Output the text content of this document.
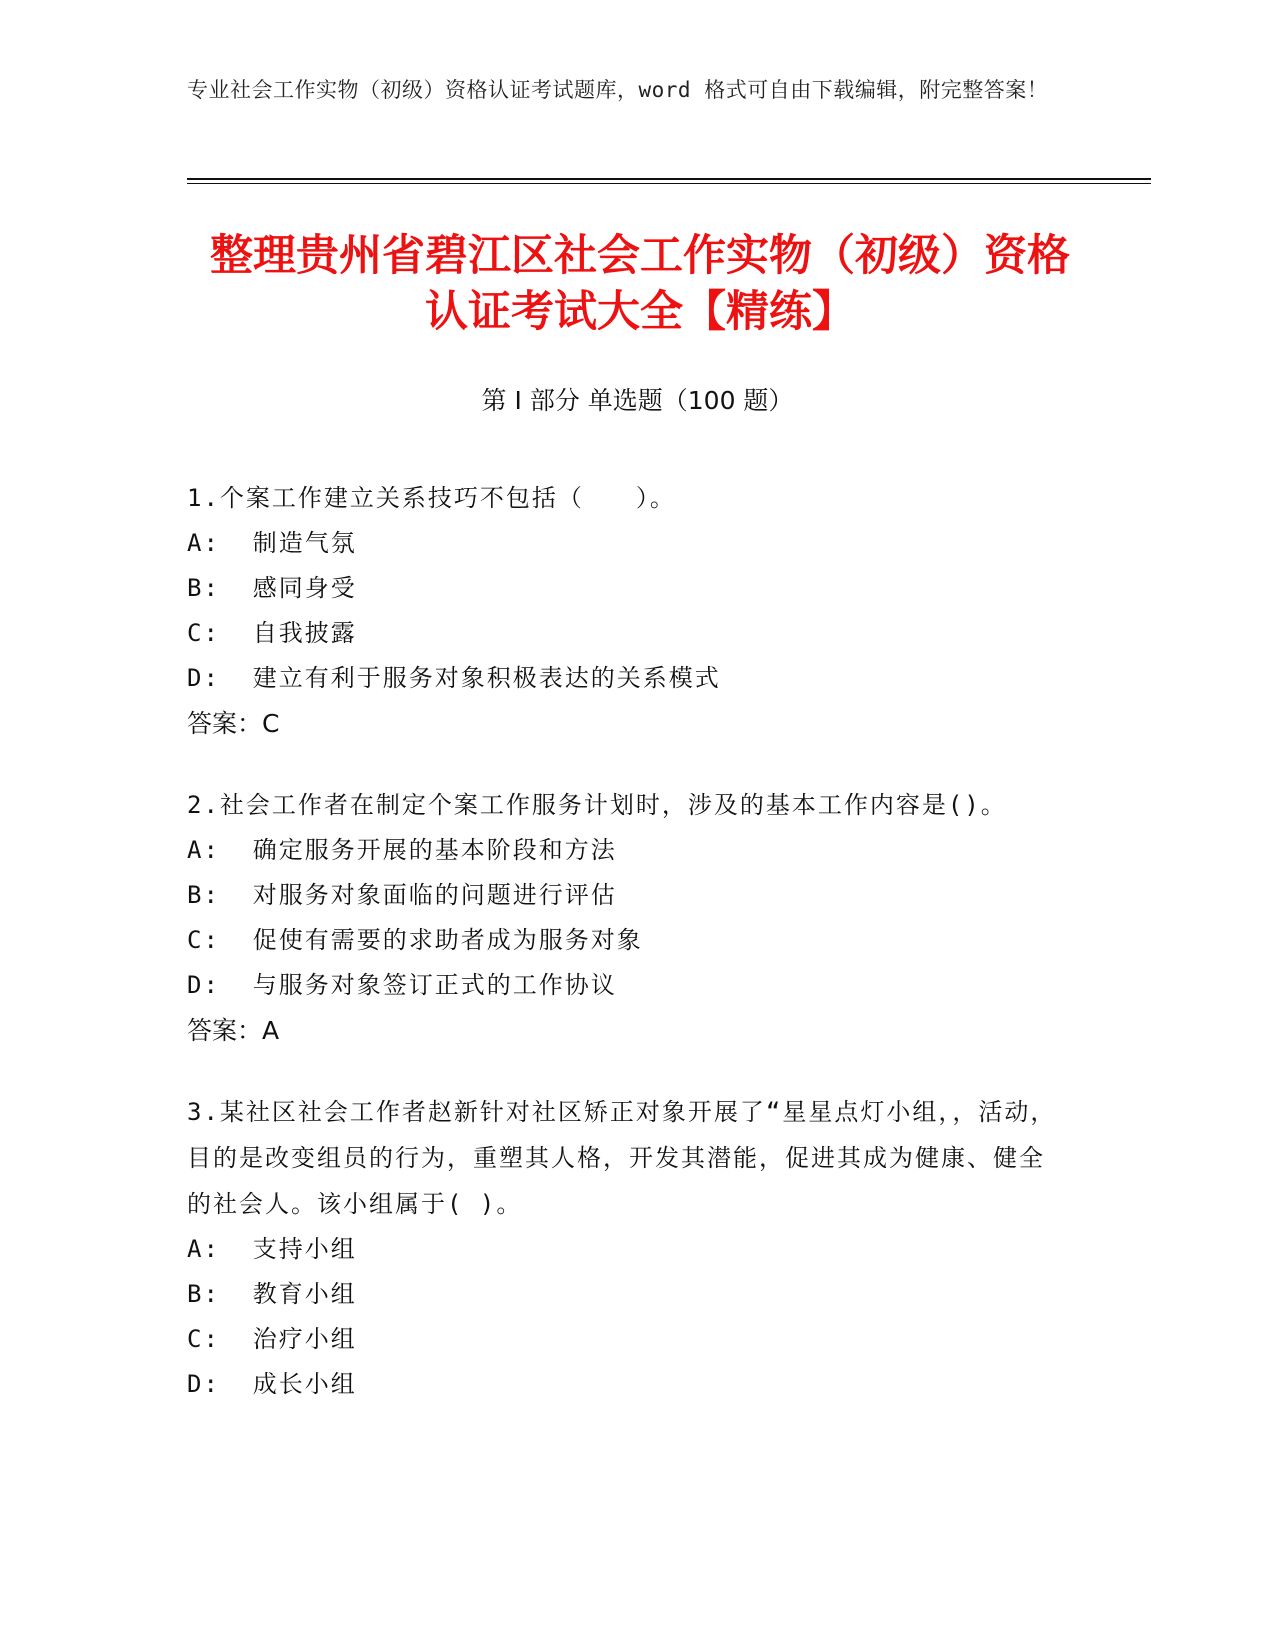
专业社会工作实物（初级）资格认证考试题库，word 格式可自由下载编辑，附完整答案！
整理贵州省碧江区社会工作实物（初级）资格认证考试大全【精练】
第 I 部分 单选题（100 题）

1.个案工作建立关系技巧不包括（　　）。

A:  制造气氛

B:  感同身受

C:  自我披露

D:  建立有利于服务对象积极表达的关系模式

答案：C

2.社会工作者在制定个案工作服务计划时，涉及的基本工作内容是()。

A:  确定服务开展的基本阶段和方法

B:  对服务对象面临的问题进行评估

C:  促使有需要的求助者成为服务对象

D:  与服务对象签订正式的工作协议

答案：A

3.某社区社会工作者赵新针对社区矫正对象开展了“星星点灯小组，，活动，目的是改变组员的行为，重塑其人格，开发其潜能，促进其成为健康、健全的社会人。该小组属于( )。

A:  支持小组

B:  教育小组

C:  治疗小组

D:  成长小组
